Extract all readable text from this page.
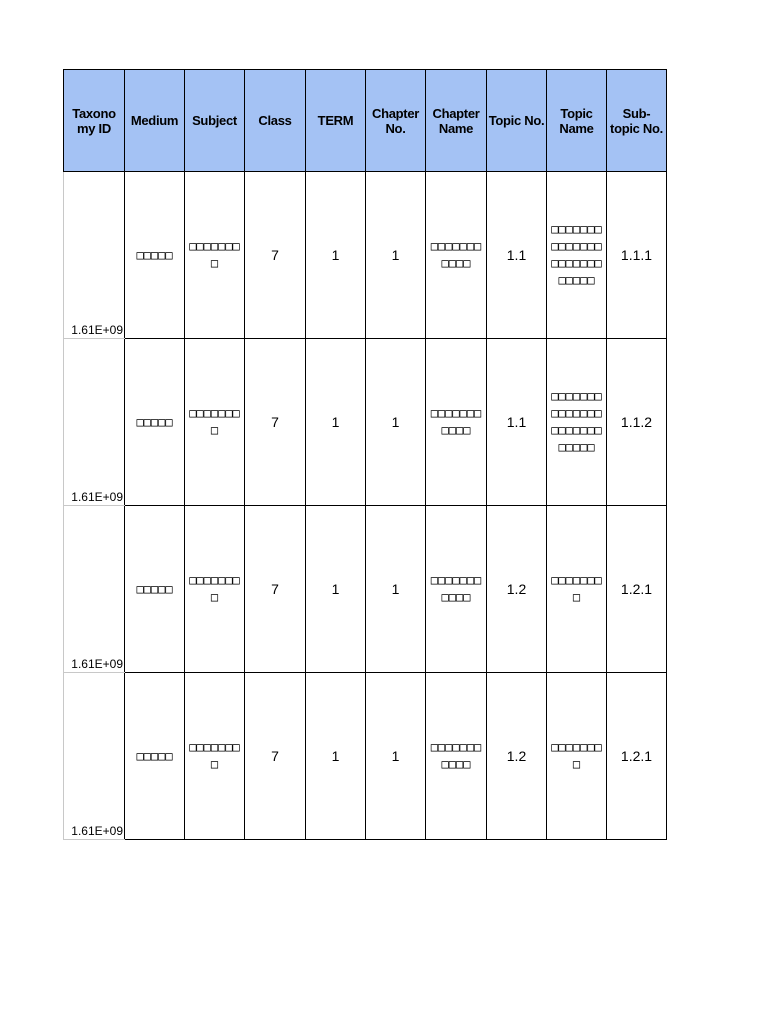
Taxono my ID	Medium	Subject	Class	TERM	Chapter No.	Chapter Name	Topic No.	Topic Name	Sub-topic No.
1.61E+09	□□□□□	□□□□□□□□	7	1	1	□□□□□□□□□□□	1.1	□□□□□□□□□□□□□□□□□□□□□□□□□□	1.1.1
1.61E+09	□□□□□	□□□□□□□□	7	1	1	□□□□□□□□□□□	1.1	□□□□□□□□□□□□□□□□□□□□□□□□□□	1.1.2
1.61E+09	□□□□□	□□□□□□□□	7	1	1	□□□□□□□□□□□	1.2	□□□□□□□□	1.2.1
1.61E+09	□□□□□	□□□□□□□□	7	1	1	□□□□□□□□□□□	1.2	□□□□□□□□	1.2.1
